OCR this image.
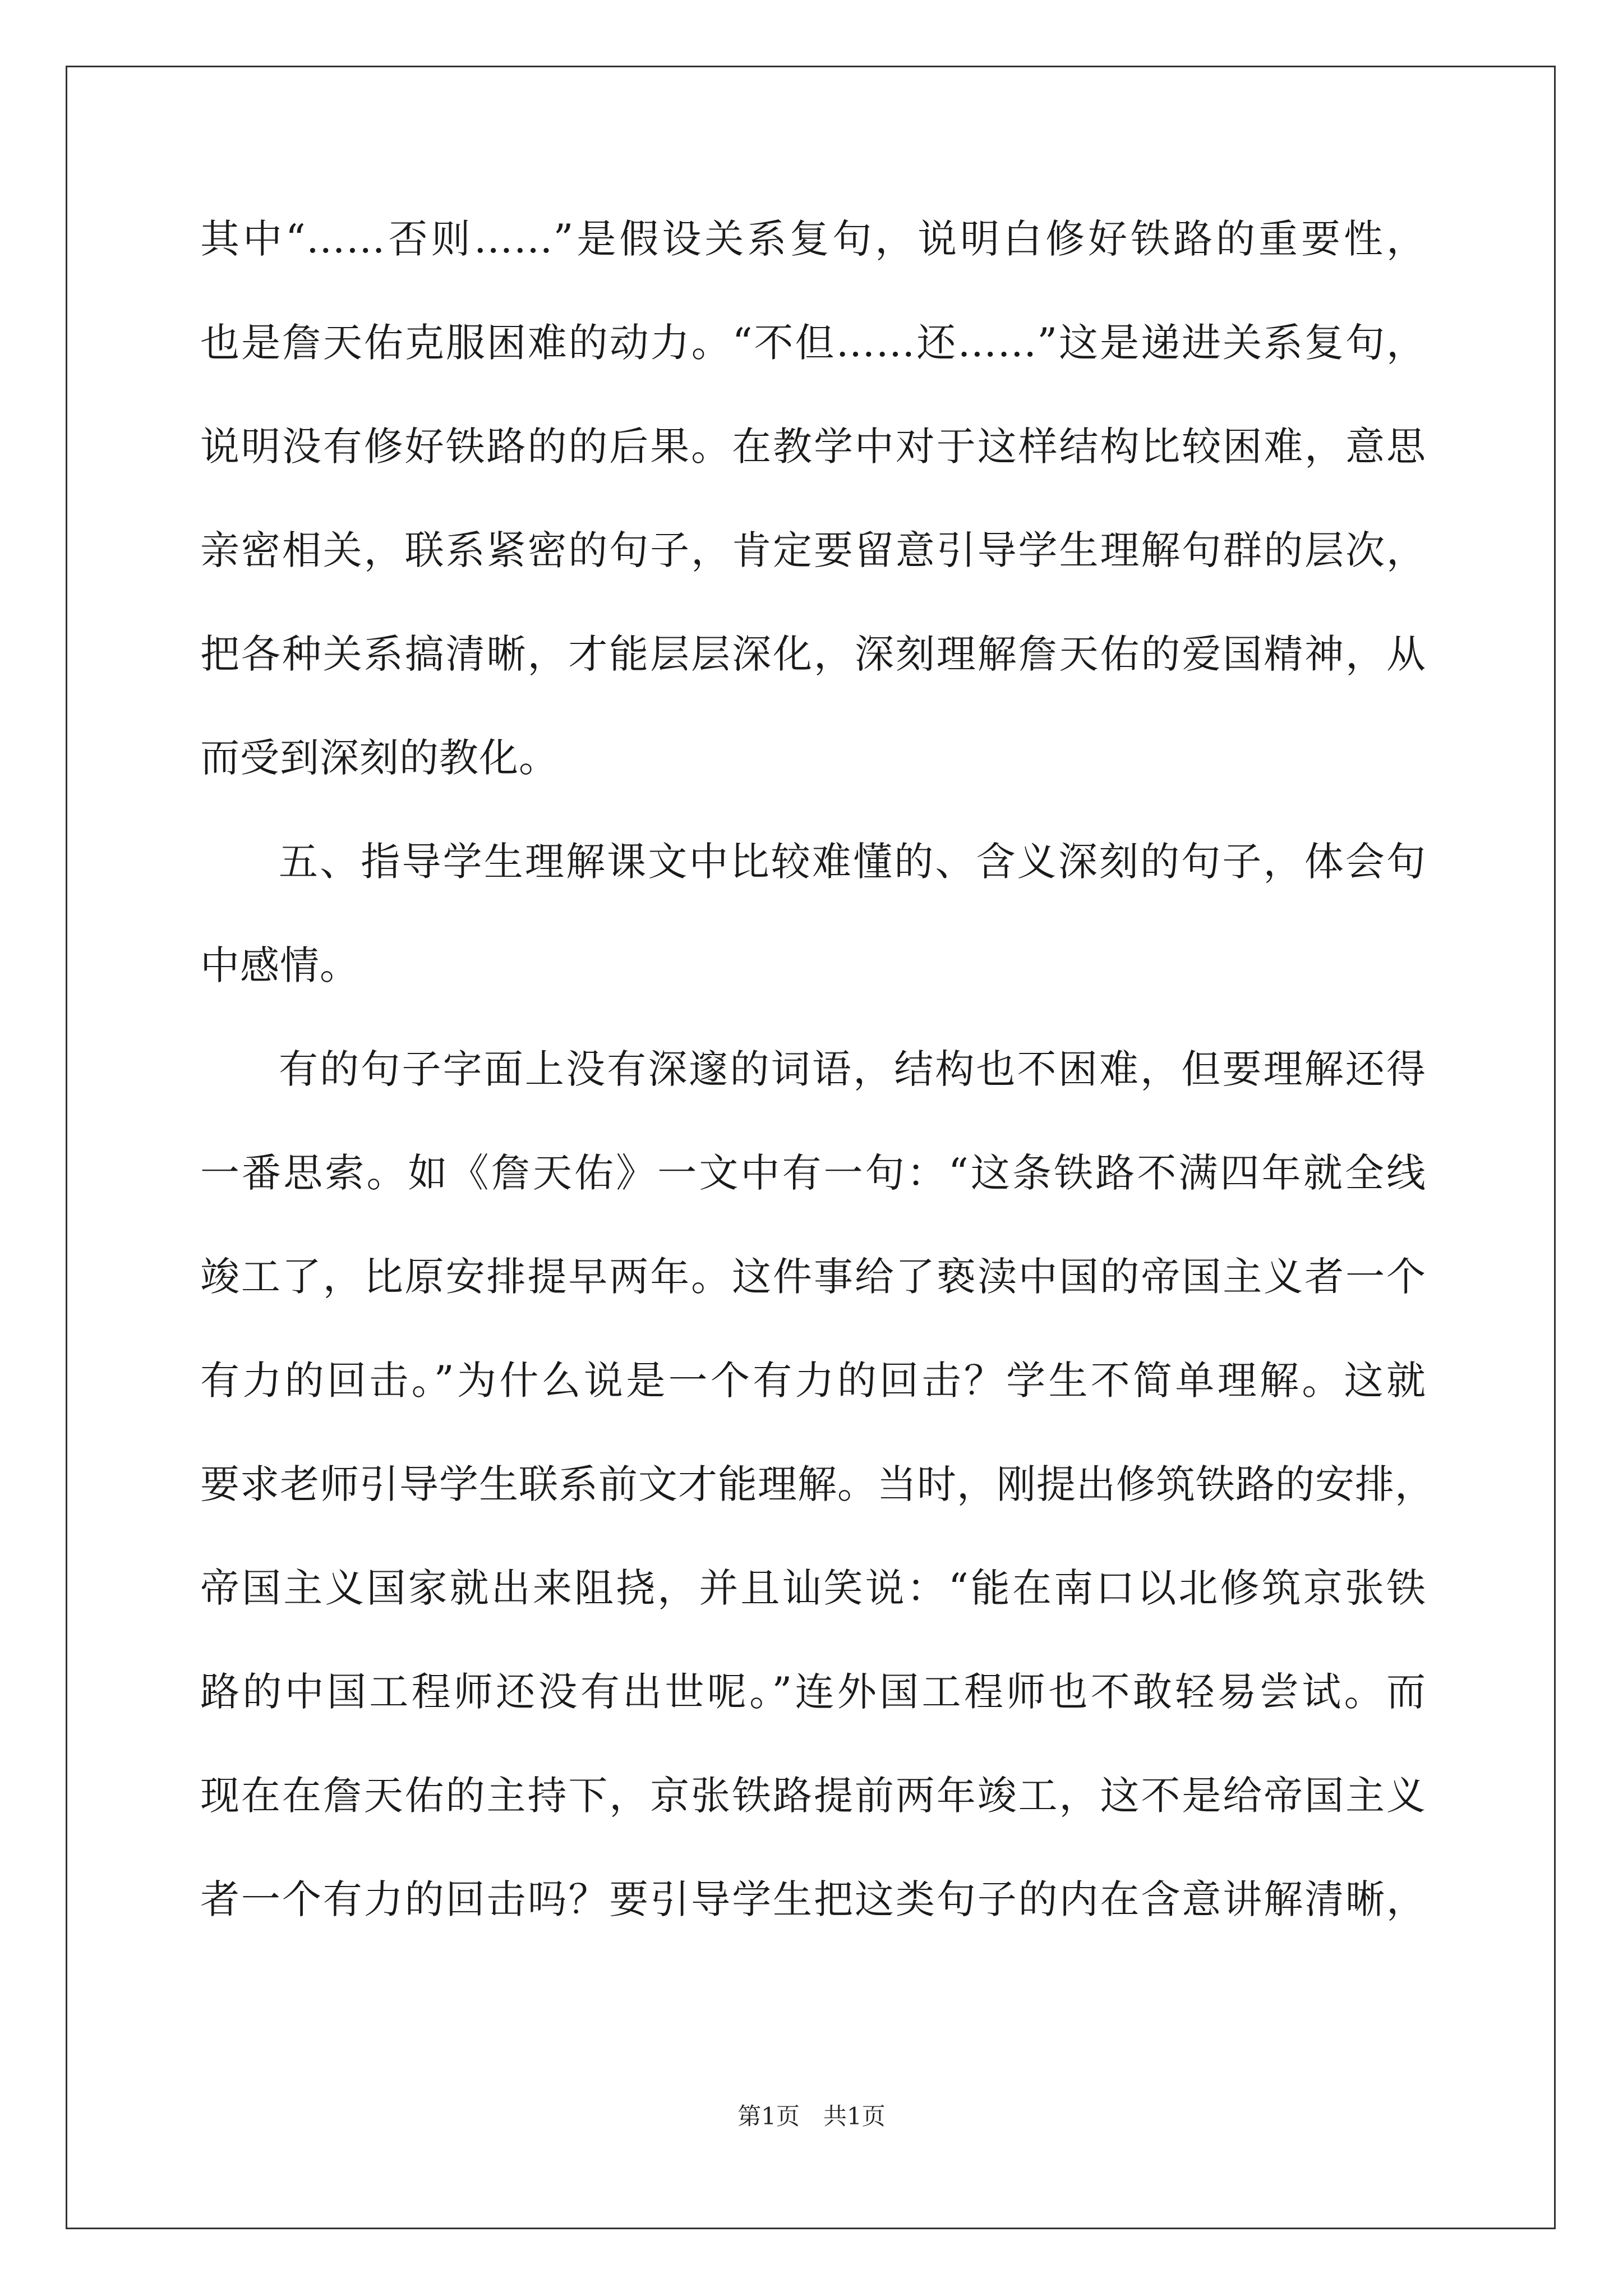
其中“……否则……”是假设关系复句，说明白修好铁路的重要性，
也是詹天佑克服困难的动力。“不但……还……”这是递进关系复句，
说明没有修好铁路的的后果。在教学中对于这样结构比较困难，意思
亲密相关，联系紧密的句子，肯定要留意引导学生理解句群的层次，
把各种关系搞清晰，才能层层深化，深刻理解詹天佑的爱国精神，从
而受到深刻的教化。
五、指导学生理解课文中比较难懂的、含义深刻的句子，体会句
中感情。
有的句子字面上没有深邃的词语，结构也不困难，但要理解还得
一番思索。如《詹天佑》一文中有一句：“这条铁路不满四年就全线
竣工了，比原安排提早两年。这件事给了亵渎中国的帝国主义者一个
有力的回击。”为什么说是一个有力的回击？学生不简单理解。这就
要求老师引导学生联系前文才能理解。当时，刚提出修筑铁路的安排，
帝国主义国家就出来阻挠，并且讪笑说：“能在南口以北修筑京张铁
路的中国工程师还没有出世呢。”连外国工程师也不敢轻易尝试。而
现在在詹天佑的主持下，京张铁路提前两年竣工，这不是给帝国主义
者一个有力的回击吗？要引导学生把这类句子的内在含意讲解清晰，
第1页　共1页
